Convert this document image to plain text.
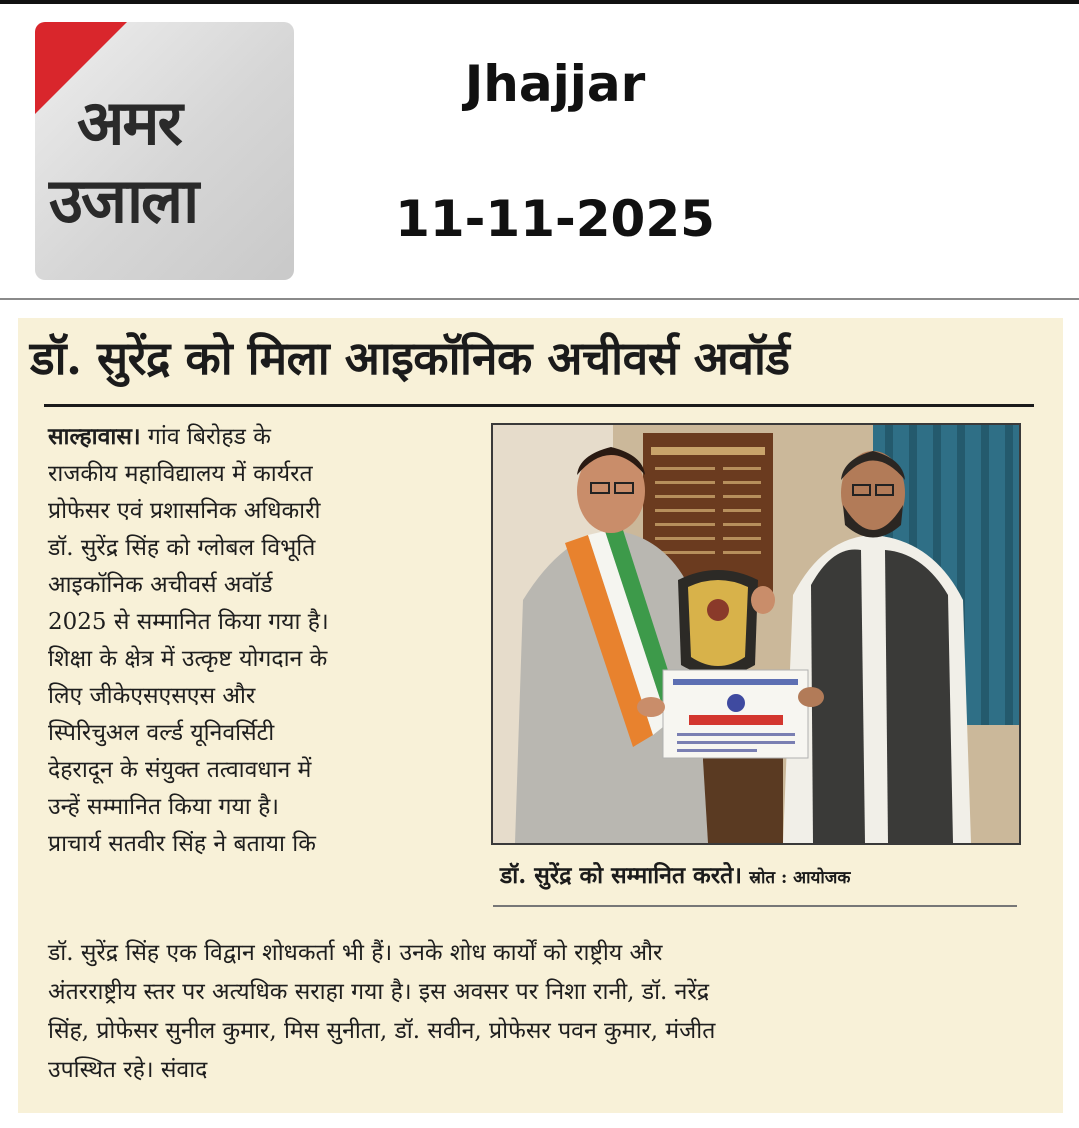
अमर
उजाला
Jhajjar
11-11-2025
डॉ. सुरेंद्र को मिला आइकॉनिक अचीवर्स अवॉर्ड
साल्हावास। गांव बिरोहड के
राजकीय महाविद्यालय में कार्यरत
प्रोफेसर एवं प्रशासनिक अधिकारी
डॉ. सुरेंद्र सिंह को ग्लोबल विभूति
आइकॉनिक अचीवर्स अवॉर्ड
2025 से सम्मानित किया गया है।
शिक्षा के क्षेत्र में उत्कृष्ट योगदान के
लिए जीकेएसएसएस और
स्पिरिचुअल वर्ल्ड यूनिवर्सिटी
देहरादून के संयुक्त तत्वावधान में
उन्हें सम्मानित किया गया है।
प्राचार्य सतवीर सिंह ने बताया कि
डॉ. सुरेंद्र को सम्मानित करते। स्रोत : आयोजक
डॉ. सुरेंद्र सिंह एक विद्वान शोधकर्ता भी हैं। उनके शोध कार्यों को राष्ट्रीय और
अंतरराष्ट्रीय स्तर पर अत्यधिक सराहा गया है। इस अवसर पर निशा रानी, डॉ. नरेंद्र
सिंह, प्रोफेसर सुनील कुमार, मिस सुनीता, डॉ. सवीन, प्रोफेसर पवन कुमार, मंजीत
उपस्थित रहे। संवाद
